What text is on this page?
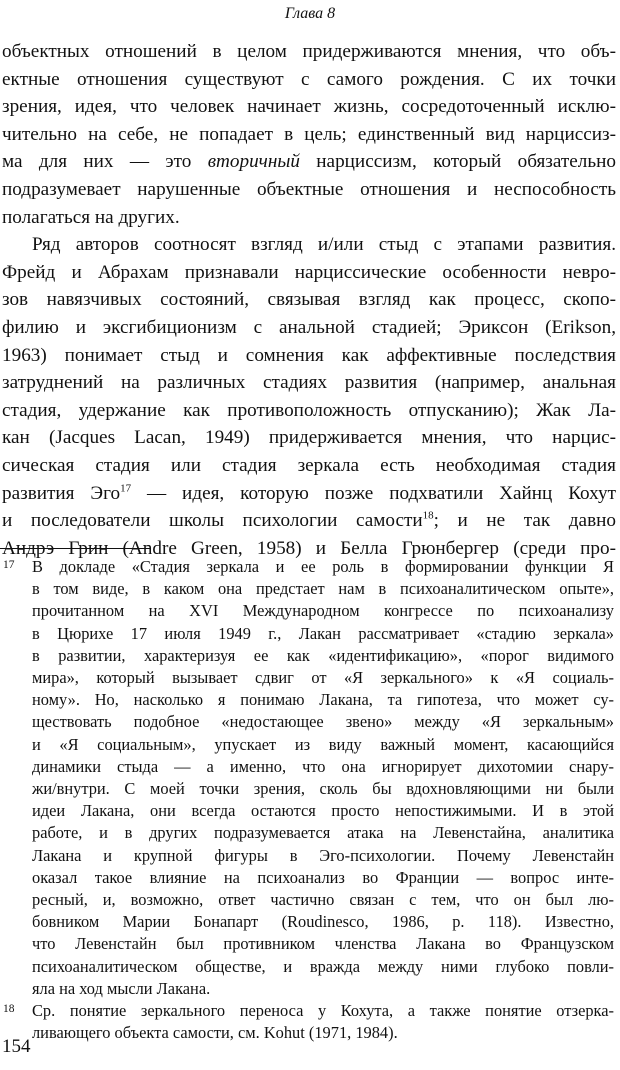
Глава 8
объектных отношений в целом придерживаются мнения, что объ-
ектные отношения существуют с самого рождения. С их точки
зрения, идея, что человек начинает жизнь, сосредоточенный исклю-
чительно на себе, не попадает в цель; единственный вид нарциссиз-
ма для них — это вторичный нарциссизм, который обязательно
подразумевает нарушенные объектные отношения и неспособность
полагаться на других.
Ряд авторов соотносят взгляд и/или стыд с этапами развития.
Фрейд и Абрахам признавали нарциссические особенности невро-
зов навязчивых состояний, связывая взгляд как процесс, скопо-
филию и эксгибиционизм с анальной стадией; Эриксон (Erikson,
1963) понимает стыд и сомнения как аффективные последствия
затруднений на различных стадиях развития (например, анальная
стадия, удержание как противоположность отпусканию); Жак Ла-
кан (Jacques Lacan, 1949) придерживается мнения, что нарцис-
сическая стадия или стадия зеркала есть необходимая стадия
развития Эго$^{17}$ — идея, которую позже подхватили Хайнц Кохут
и последователи школы психологии самости$^{18}$; и не так давно
Андрэ Грин (Andre Green, 1958) и Белла Грюнбергер (среди про-
17 В докладе «Стадия зеркала и ее роль в формировании функции Я
в том виде, в каком она предстает нам в психоаналитическом опыте»,
прочитанном на XVI Международном конгрессе по психоанализу
в Цюрихе 17 июля 1949 г., Лакан рассматривает «стадию зеркала»
в развитии, характеризуя ее как «идентификацию», «порог видимого
мира», который вызывает сдвиг от «Я зеркального» к «Я социаль-
ному». Но, насколько я понимаю Лакана, та гипотеза, что может су-
ществовать подобное «недостающее звено» между «Я зеркальным»
и «Я социальным», упускает из виду важный момент, касающийся
динамики стыда — а именно, что она игнорирует дихотомии снару-
жи/внутри. С моей точки зрения, сколь бы вдохновляющими ни были
идеи Лакана, они всегда остаются просто непостижимыми. И в этой
работе, и в других подразумевается атака на Левенстайна, аналитика
Лакана и крупной фигуры в Эго-психологии. Почему Левенстайн
оказал такое влияние на психоанализ во Франции — вопрос инте-
ресный, и, возможно, ответ частично связан с тем, что он был лю-
бовником Марии Бонапарт (Roudinesco, 1986, p. 118). Известно,
что Левенстайн был противником членства Лакана во Французском
психоаналитическом обществе, и вражда между ними глубоко повли-
яла на ход мысли Лакана.
18 Ср. понятие зеркального переноса у Кохута, а также понятие отзерка-
ливающего объекта самости, см. Kohut (1971, 1984).
154
